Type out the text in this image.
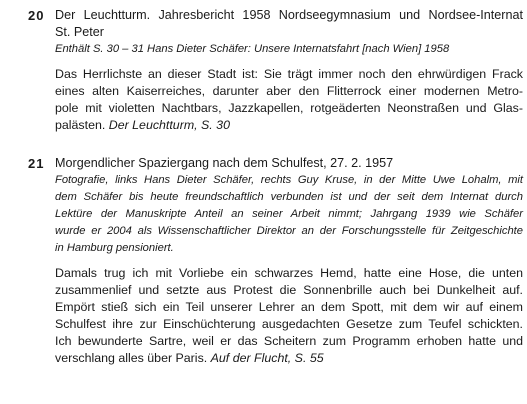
20 Der Leuchtturm. Jahresbericht 1958 Nordseegymnasium und Nordsee-Internat
St. Peter

Enthält S. 30 – 31 Hans Dieter Schäfer: Unsere Internatsfahrt [nach Wien] 1958

Das Herrlichste an dieser Stadt ist: Sie trägt immer noch den ehrwürdigen Frack
eines alten Kaiserreiches, darunter aber den Flitterrock einer modernen Metro-
pole mit violetten Nachtbars, Jazzkapellen, rotgeäderten Neonstraßen und Glas-
palästen. Der Leuchtturm, S. 30

21 Morgendlicher Spaziergang nach dem Schulfest, 27. 2. 1957

Fotografie, links Hans Dieter Schäfer, rechts Guy Kruse, in der Mitte Uwe Lohalm, mit
dem Schäfer bis heute freundschaftlich verbunden ist und der seit dem Internat durch
Lektüre der Manuskripte Anteil an seiner Arbeit nimmt; Jahrgang 1939 wie Schäfer
wurde er 2004 als Wissenschaftlicher Direktor an der Forschungsstelle für Zeitgeschichte
in Hamburg pensioniert.

Damals trug ich mit Vorliebe ein schwarzes Hemd, hatte eine Hose, die unten
zusammenlief und setzte aus Protest die Sonnenbrille auch bei Dunkelheit auf.
Empört stieß sich ein Teil unserer Lehrer an dem Spott, mit dem wir auf einem
Schulfest ihre zur Einschüchterung ausgedachten Gesetze zum Teufel schickten.
Ich bewunderte Sartre, weil er das Scheitern zum Programm erhoben hatte und
verschlang alles über Paris. Auf der Flucht, S. 55
